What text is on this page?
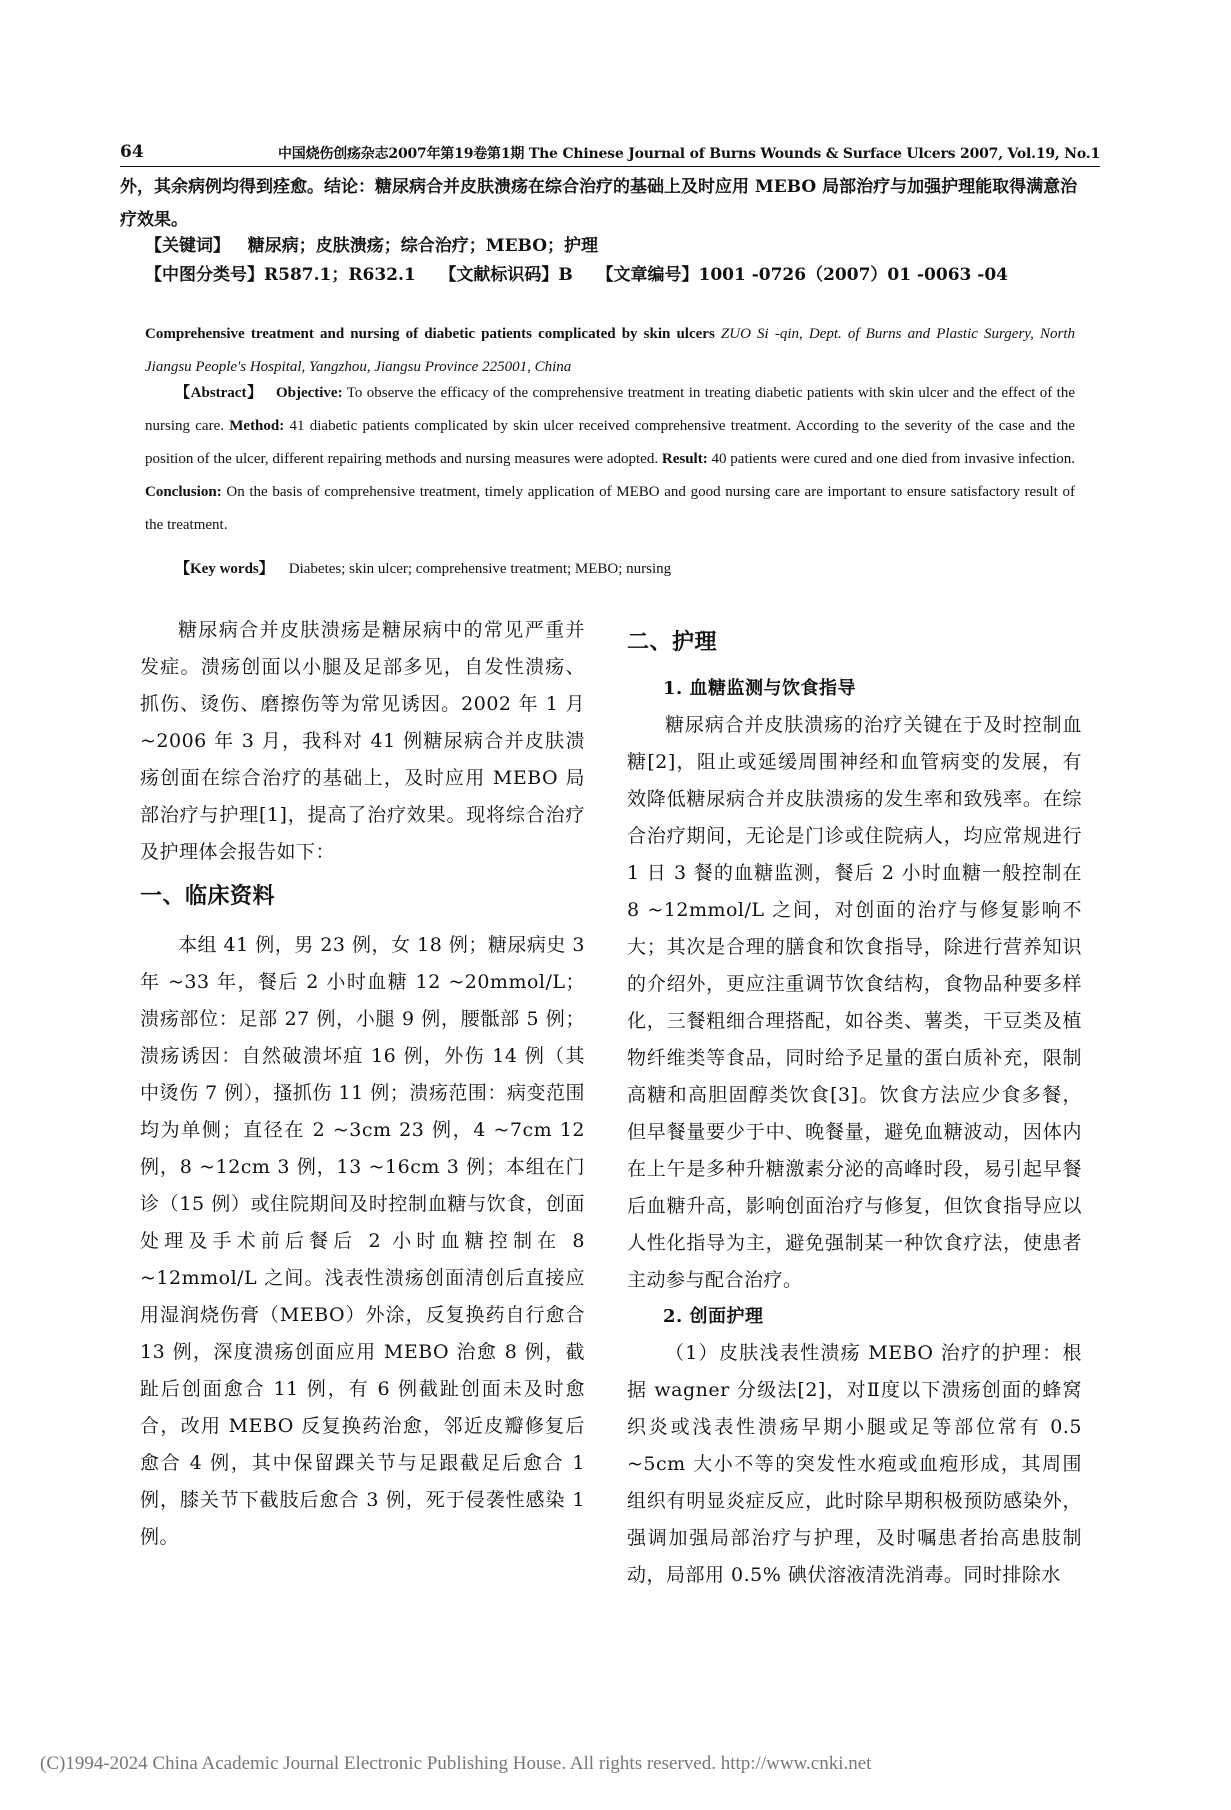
64	中国烧伤创疡杂志2007年第19卷第1期 The Chinese Journal of Burns Wounds & Surface Ulcers 2007, Vol.19, No.1
外，其余病例均得到痊愈。结论：糖尿病合并皮肤溃疡在综合治疗的基础上及时应用 MEBO 局部治疗与加强护理能取得满意治疗效果。
【关键词】 糖尿病；皮肤溃疡；综合治疗；MEBO；护理
【中图分类号】R587.1；R632.1 【文献标识码】B 【文章编号】1001 -0726（2007）01 -0063 -04
Comprehensive treatment and nursing of diabetic patients complicated by skin ulcers ZUO Si -qin, Dept. of Burns and Plastic Surgery, North Jiangsu People's Hospital, Yangzhou, Jiangsu Province 225001, China
【Abstract】 Objective: To observe the efficacy of the comprehensive treatment in treating diabetic patients with skin ulcer and the effect of the nursing care. Method: 41 diabetic patients complicated by skin ulcer received comprehensive treatment. According to the severity of the case and the position of the ulcer, different repairing methods and nursing measures were adopted. Result: 40 patients were cured and one died from invasive infection. Conclusion: On the basis of comprehensive treatment, timely application of MEBO and good nursing care are important to ensure satisfactory result of the treatment.
【Key words】 Diabetes; skin ulcer; comprehensive treatment; MEBO; nursing

糖尿病合并皮肤溃疡是糖尿病中的常见严重并发症。溃疡创面以小腿及足部多见，自发性溃疡、抓伤、烫伤、磨擦伤等为常见诱因。2002 年 1 月 ~2006 年 3 月，我科对 41 例糖尿病合并皮肤溃疡创面在综合治疗的基础上，及时应用 MEBO 局部治疗与护理[1]，提高了治疗效果。现将综合治疗及护理体会报告如下：

一、临床资料

本组 41 例，男 23 例，女 18 例；糖尿病史 3 年 ~33 年，餐后 2 小时血糖 12 ~20mmol/L；溃疡部位：足部 27 例，小腿 9 例，腰骶部 5 例；溃疡诱因：自然破溃坏疽 16 例，外伤 14 例（其中烫伤 7 例），搔抓伤 11 例；溃疡范围：病变范围均为单侧；直径在 2 ~3cm 23 例，4 ~7cm 12 例，8 ~12cm 3 例，13 ~16cm 3 例；本组在门诊（15 例）或住院期间及时控制血糖与饮食，创面处理及手术前后餐后 2 小时血糖控制在 8 ~12mmol/L 之间。浅表性溃疡创面清创后直接应用湿润烧伤膏（MEBO）外涂，反复换药自行愈合 13 例，深度溃疡创面应用 MEBO 治愈 8 例，截趾后创面愈合 11 例，有 6 例截趾创面未及时愈合，改用 MEBO 反复换药治愈，邻近皮瓣修复后愈合 4 例，其中保留踝关节与足跟截足后愈合 1 例，膝关节下截肢后愈合 3 例，死于侵袭性感染 1 例。

二、护理

1. 血糖监测与饮食指导

糖尿病合并皮肤溃疡的治疗关键在于及时控制血糖[2]，阻止或延缓周围神经和血管病变的发展，有效降低糖尿病合并皮肤溃疡的发生率和致残率。在综合治疗期间，无论是门诊或住院病人，均应常规进行 1 日 3 餐的血糖监测，餐后 2 小时血糖一般控制在 8 ~12mmol/L 之间，对创面的治疗与修复影响不大；其次是合理的膳食和饮食指导，除进行营养知识的介绍外，更应注重调节饮食结构，食物品种要多样化，三餐粗细合理搭配，如谷类、薯类，干豆类及植物纤维类等食品，同时给予足量的蛋白质补充，限制高糖和高胆固醇类饮食[3]。饮食方法应少食多餐，但早餐量要少于中、晚餐量，避免血糖波动，因体内在上午是多种升糖激素分泌的高峰时段，易引起早餐后血糖升高，影响创面治疗与修复，但饮食指导应以人性化指导为主，避免强制某一种饮食疗法，使患者主动参与配合治疗。

2. 创面护理

（1）皮肤浅表性溃疡 MEBO 治疗的护理：根据 wagner 分级法[2]，对Ⅱ度以下溃疡创面的蜂窝织炎或浅表性溃疡早期小腿或足等部位常有 0.5 ~5cm 大小不等的突发性水疱或血疱形成，其周围组织有明显炎症反应，此时除早期积极预防感染外，强调加强局部治疗与护理，及时嘱患者抬高患肢制动，局部用 0.5% 碘伏溶液清洗消毒。同时排除水

(C)1994-2024 China Academic Journal Electronic Publishing House. All rights reserved. http://www.cnki.net
